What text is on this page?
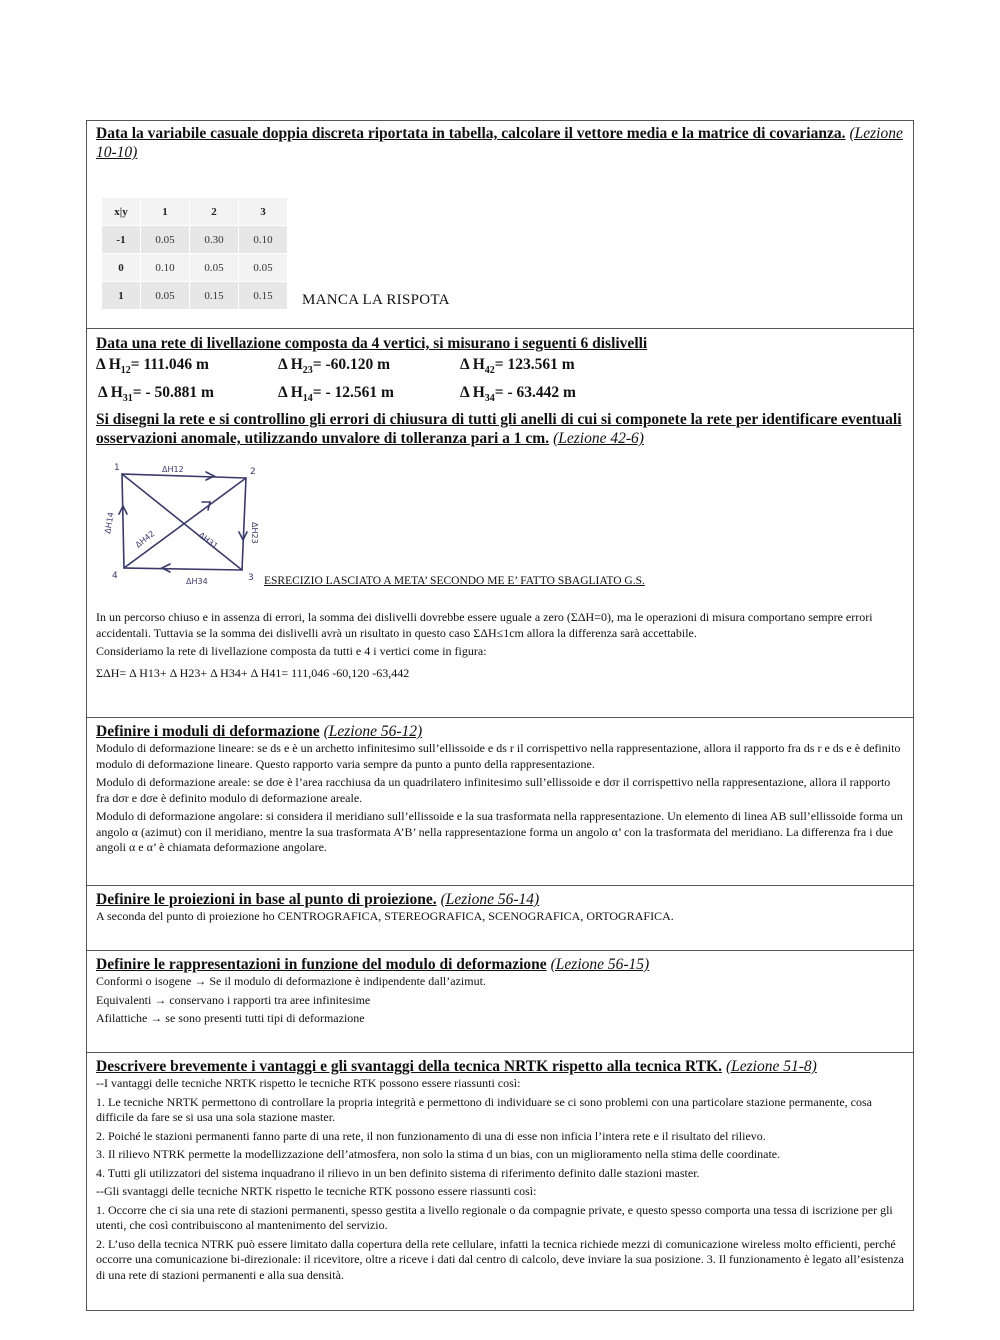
Data la variabile casuale doppia discreta riportata in tabella, calcolare il vettore media e la matrice di covarianza. (Lezione 10-10)
x|y	1	2	3
-1	0.05	0.30	0.10
0	0.10	0.05	0.05
1	0.05	0.15	0.15 MANCA LA RISPOTA
Data una rete di livellazione composta da 4 vertici, si misurano i seguenti 6 dislivelli
Δ $H_{12}= 111.046$ m	Δ $H_{23}= -60.120$ m	Δ $H_{42}= 123.561$ m
Δ $H_{31}=$ ‐ 50.881 m	Δ $H_{14}=$ ‐ 12.561 m	Δ $H_{34}=$ ‐ 63.442 m
Si disegni la rete e si controllino gli errori di chiusura di tutti gli anelli di cui si componete la rete per identificare eventuali osservazioni anomale, utilizzando unvalore di tolleranza pari a 1 cm. (Lezione 42-6)
1	2
3
4
ΔH12
ΔH23
ΔH34
ΔH14
ΔH42	ΔH31
ESRECIZIO LASCIATO A META’ SECONDO ME E’ FATTO SBAGLIATO G.S.

In un percorso chiuso e in assenza di errori, la somma dei dislivelli dovrebbe essere uguale a zero (ΣΔH=0), ma le operazioni di misura comportano sempre errori accidentali. Tuttavia se la somma dei dislivelli avrà un risultato in questo caso ΣΔH≤1cm allora la differenza sarà accettabile.

Consideriamo la rete di livellazione composta da tutti e 4 i vertici come in figura:

ΣΔH= Δ H13+ Δ H23+ Δ H34+ Δ H41= 111,046 -60,120 -63,442

Definire i moduli di deformazione (Lezione 56-12)

Modulo di deformazione lineare: se ds e è un archetto infinitesimo sull’ellissoide e ds r il corrispettivo nella rappresentazione, allora il rapporto fra ds r e ds e è definito modulo di deformazione lineare. Questo rapporto varia sempre da punto a punto della rappresentazione.

Modulo di deformazione areale: se dσe è l’area racchiusa da un quadrilatero infinitesimo sull’ellissoide e dσr il corrispettivo nella rappresentazione, allora il rapporto fra dσr e dσe è definito modulo di deformazione areale.

Modulo di deformazione angolare: si considera il meridiano sull’ellissoide e la sua trasformata nella rappresentazione. Un elemento di linea AB sull’ellissoide forma un angolo α (azimut) con il meridiano, mentre la sua trasformata A’B’ nella rappresentazione forma un angolo α’ con la trasformata del meridiano. La differenza fra i due angoli α e α’ è chiamata deformazione angolare.

Definire le proiezioni in base al punto di proiezione. (Lezione 56-14)

A seconda del punto di proiezione ho CENTROGRAFICA, STEREOGRAFICA, SCENOGRAFICA, ORTOGRAFICA.

Definire le rappresentazioni in funzione del modulo di deformazione (Lezione 56-15)

Conformi o isogene → Se il modulo di deformazione è indipendente dall’azimut.

Equivalenti → conservano i rapporti tra aree infinitesime

Afilattiche → se sono presenti tutti tipi di deformazione

Descrivere brevemente i vantaggi e gli svantaggi della tecnica NRTK rispetto alla tecnica RTK. (Lezione 51-8)

--I vantaggi delle tecniche NRTK rispetto le tecniche RTK possono essere riassunti così:

1. Le tecniche NRTK permettono di controllare la propria integrità e permettono di individuare se ci sono problemi con una particolare stazione permanente, cosa difficile da fare se si usa una sola stazione master.

2. Poiché le stazioni permanenti fanno parte di una rete, il non funzionamento di una di esse non inficia l’intera rete e il risultato del rilievo.

3. Il rilievo NTRK permette la modellizzazione dell’atmosfera, non solo la stima d un bias, con un miglioramento nella stima delle coordinate.

4. Tutti gli utilizzatori del sistema inquadrano il rilievo in un ben definito sistema di riferimento definito dalle stazioni master.

--Gli svantaggi delle tecniche NRTK rispetto le tecniche RTK possono essere riassunti così:

1. Occorre che ci sia una rete di stazioni permanenti, spesso gestita a livello regionale o da compagnie private, e questo spesso comporta una tessa di iscrizione per gli utenti, che così contribuiscono al mantenimento del servizio.

2. L’uso della tecnica NTRK può essere limitato dalla copertura della rete cellulare, infatti la tecnica richiede mezzi di comunicazione wireless molto efficienti, perché occorre una comunicazione bi-direzionale: il ricevitore, oltre a riceve i dati dal centro di calcolo, deve inviare la sua posizione. 3. Il funzionamento è legato all’esistenza di una rete di stazioni permanenti e alla sua densità.
